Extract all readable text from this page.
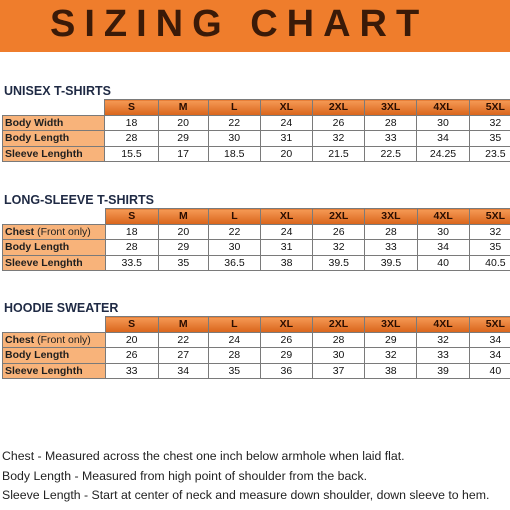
SIZING CHART
UNISEX T-SHIRTS
	S	M	L	XL	2XL	3XL	4XL	5XL
Body Width	18	20	22	24	26	28	30	32
Body Length	28	29	30	31	32	33	34	35
Sleeve Lenghth	15.5	17	18.5	20	21.5	22.5	24.25	23.5
LONG-SLEEVE T-SHIRTS
	S	M	L	XL	2XL	3XL	4XL	5XL
Chest (Front only)	18	20	22	24	26	28	30	32
Body Length	28	29	30	31	32	33	34	35
Sleeve Lenghth	33.5	35	36.5	38	39.5	39.5	40	40.5
HOODIE SWEATER
	S	M	L	XL	2XL	3XL	4XL	5XL
Chest (Front only)	20	22	24	26	28	29	32	34
Body Length	26	27	28	29	30	32	33	34
Sleeve Lenghth	33	34	35	36	37	38	39	40
Chest - Measured across the chest one inch below armhole when laid flat.
Body Length - Measured from high point of shoulder from the back.
Sleeve Length - Start at center of neck and measure down shoulder, down sleeve to hem.
